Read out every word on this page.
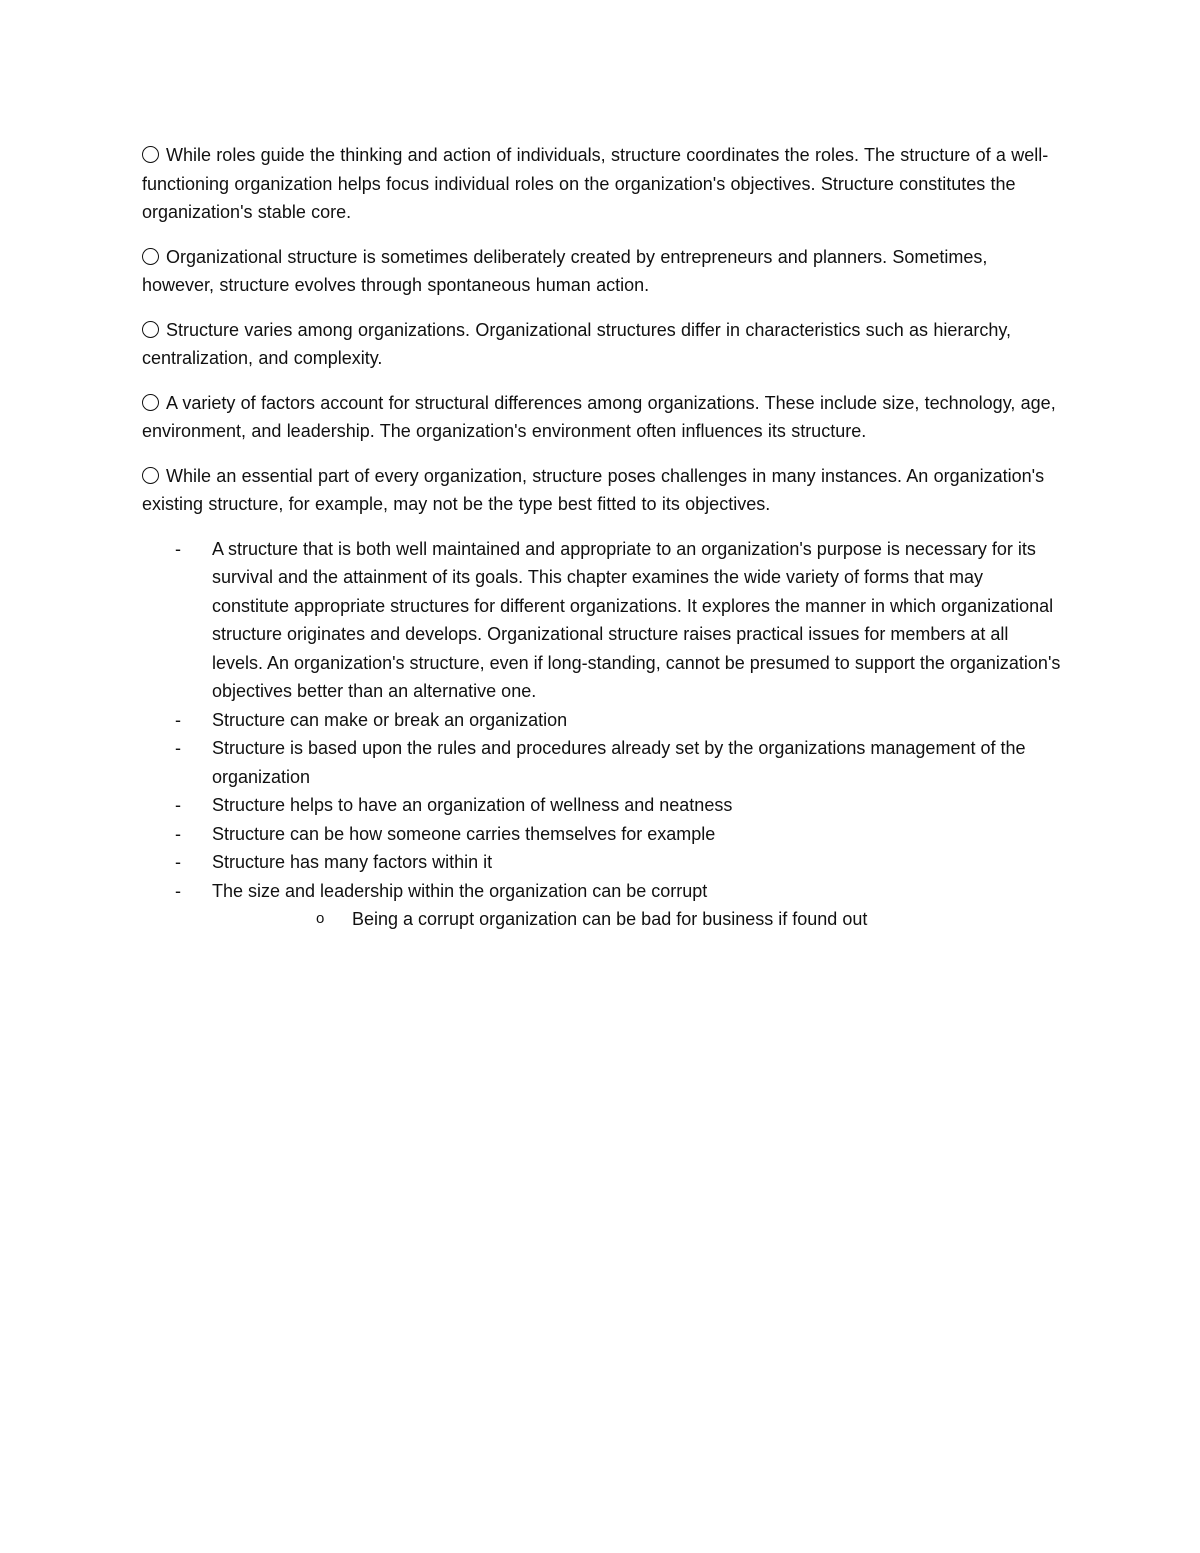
While roles guide the thinking and action of individuals, structure coordinates the roles. The structure of a well-functioning organization helps focus individual roles on the organization's objectives. Structure constitutes the organization's stable core.

Organizational structure is sometimes deliberately created by entrepreneurs and planners. Sometimes, however, structure evolves through spontaneous human action.

Structure varies among organizations. Organizational structures differ in characteristics such as hierarchy, centralization, and complexity.

A variety of factors account for structural differences among organizations. These include size, technology, age, environment, and leadership. The organization's environment often influences its structure.

While an essential part of every organization, structure poses challenges in many instances. An organization's existing structure, for example, may not be the type best fitted to its objectives.

- A structure that is both well maintained and appropriate to an organization's purpose is necessary for its survival and the attainment of its goals. This chapter examines the wide variety of forms that may constitute appropriate structures for different organizations. It explores the manner in which organizational structure originates and develops. Organizational structure raises practical issues for members at all levels. An organization's structure, even if long-standing, cannot be presumed to support the organization's objectives better than an alternative one.
- Structure can make or break an organization
- Structure is based upon the rules and procedures already set by the organizations management of the organization
- Structure helps to have an organization of wellness and neatness
- Structure can be how someone carries themselves for example
- Structure has many factors within it
- The size and leadership within the organization can be corrupt
o Being a corrupt organization can be bad for business if found out
